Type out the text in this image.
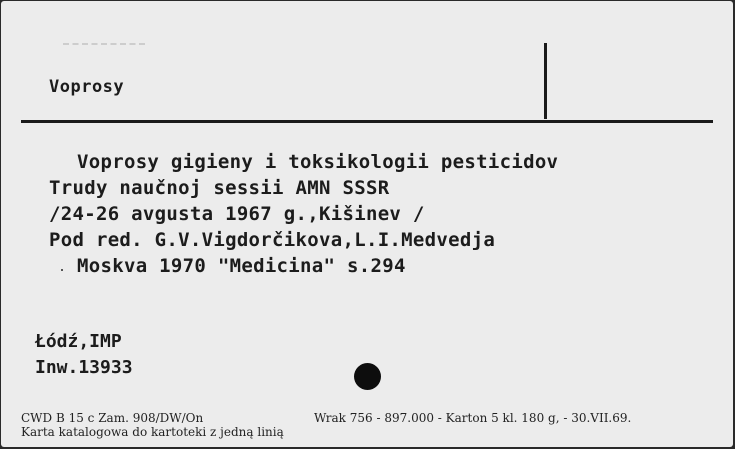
Voprosy
Voprosy gigieny i toksikologii pesticidov
Trudy naučnoj sessii AMN SSSR
/24-26 avgusta 1967 g.,Kišinev /
Pod red. G.V.Vigdorčikova,L.I.Medvedja
Moskva 1970 "Medicina" s.294
Łódź,IMP
Inw.13933
CWD B 15 c Zam. 908/DW/On	Wrak 756 - 897.000 - Karton 5 kl. 180 g, - 30.VII.69.
Karta katalogowa do kartoteki z jedną linią
